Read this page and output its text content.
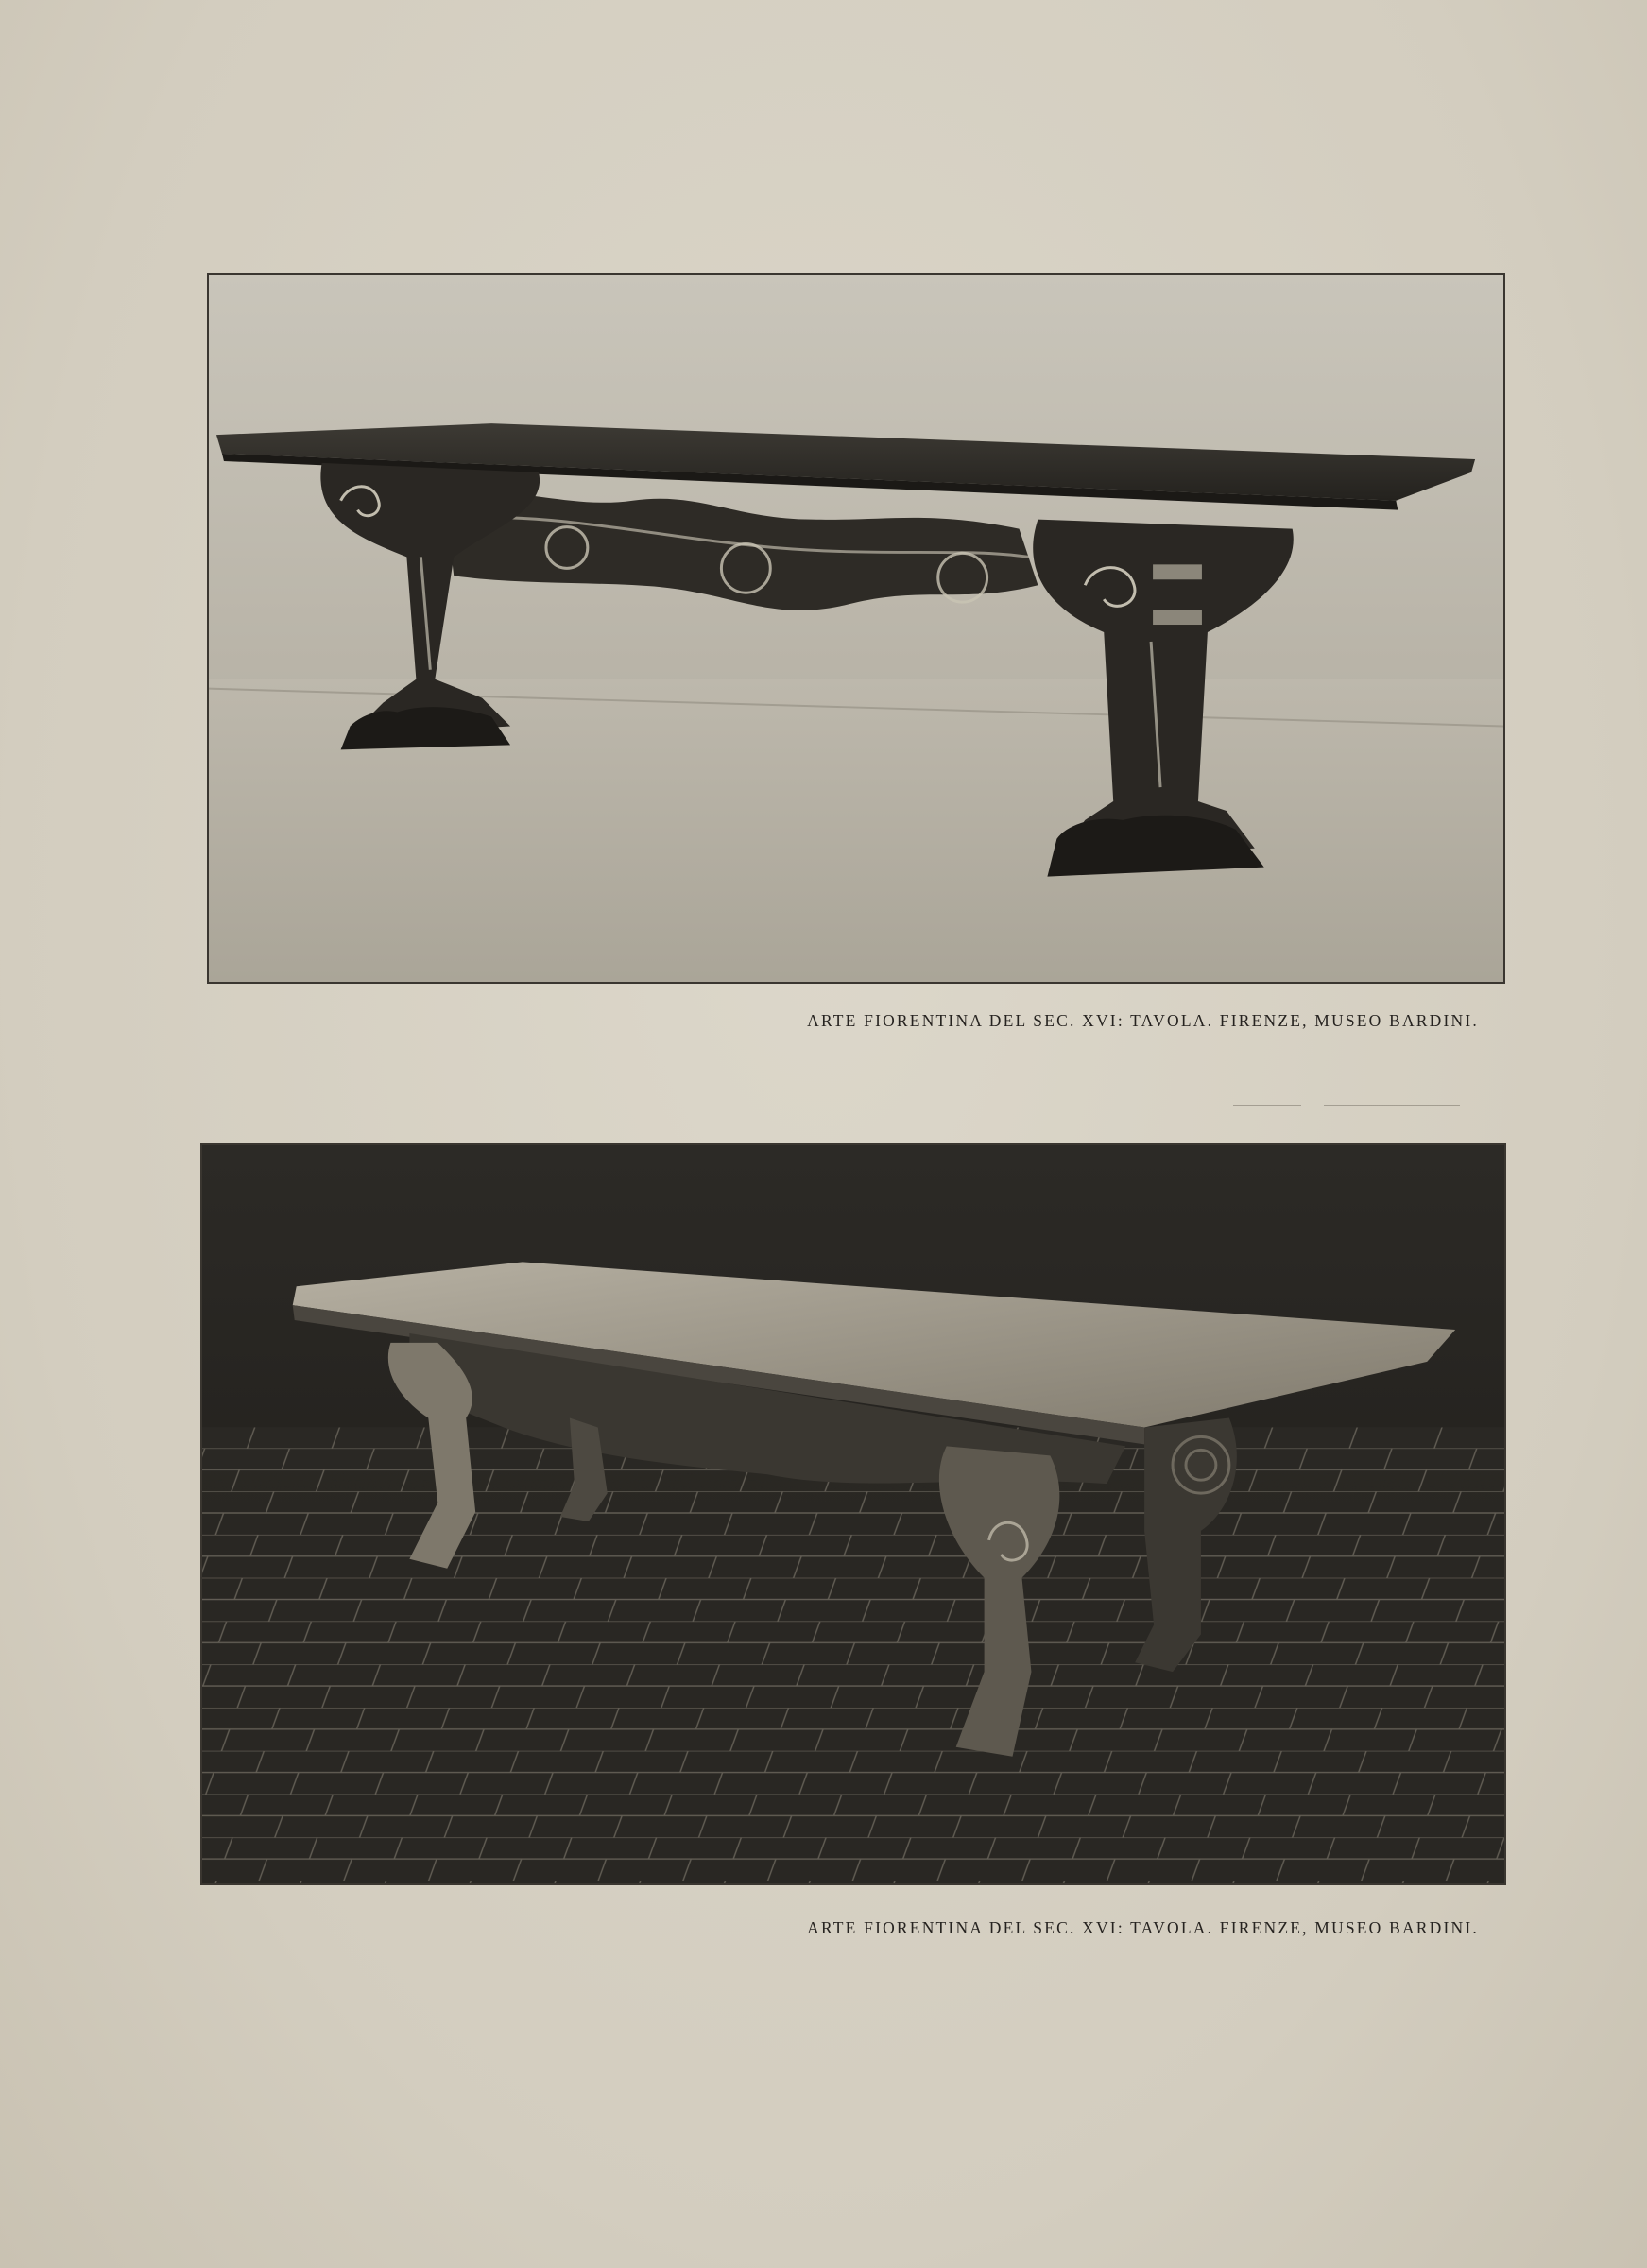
ARTE FIORENTINA DEL SEC. XVI: TAVOLA. FIRENZE, MUSEO BARDINI.
ARTE FIORENTINA DEL SEC. XVI: TAVOLA. FIRENZE, MUSEO BARDINI.
